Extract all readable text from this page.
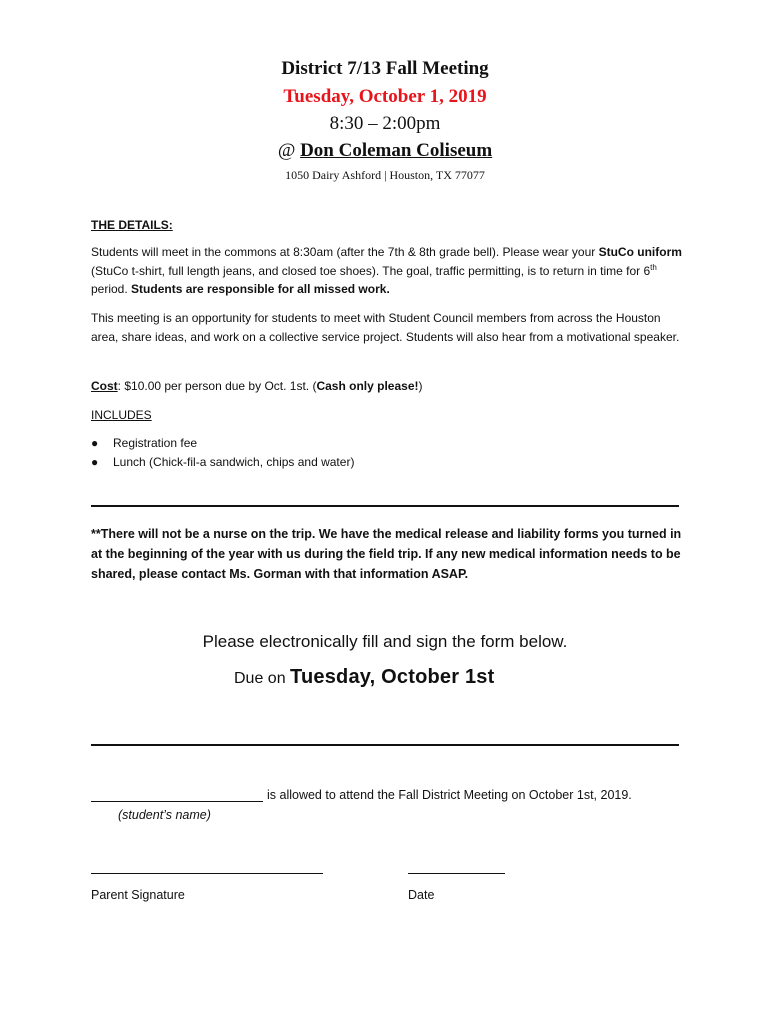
District 7/13 Fall Meeting
Tuesday, October 1, 2019
8:30 – 2:00pm
@ Don Coleman Coliseum
1050 Dairy Ashford | Houston, TX 77077
THE DETAILS:
Students will meet in the commons at 8:30am (after the 7th & 8th grade bell). Please wear your StuCo uniform (StuCo t-shirt, full length jeans, and closed toe shoes). The goal, traffic permitting, is to return in time for 6th period. Students are responsible for all missed work.
This meeting is an opportunity for students to meet with Student Council members from across the Houston area, share ideas, and work on a collective service project. Students will also hear from a motivational speaker.
Cost: $10.00 per person due by Oct. 1st. (Cash only please!)
INCLUDES
● Registration fee
● Lunch (Chick-fil-a sandwich, chips and water)
**There will not be a nurse on the trip. We have the medical release and liability forms you turned in at the beginning of the year with us during the field trip. If any new medical information needs to be shared, please contact Ms. Gorman with that information ASAP.
Please electronically fill and sign the form below.
Due on Tuesday, October 1st
is allowed to attend the Fall District Meeting on October 1st, 2019.
(student’s name)
Parent Signature	Date
